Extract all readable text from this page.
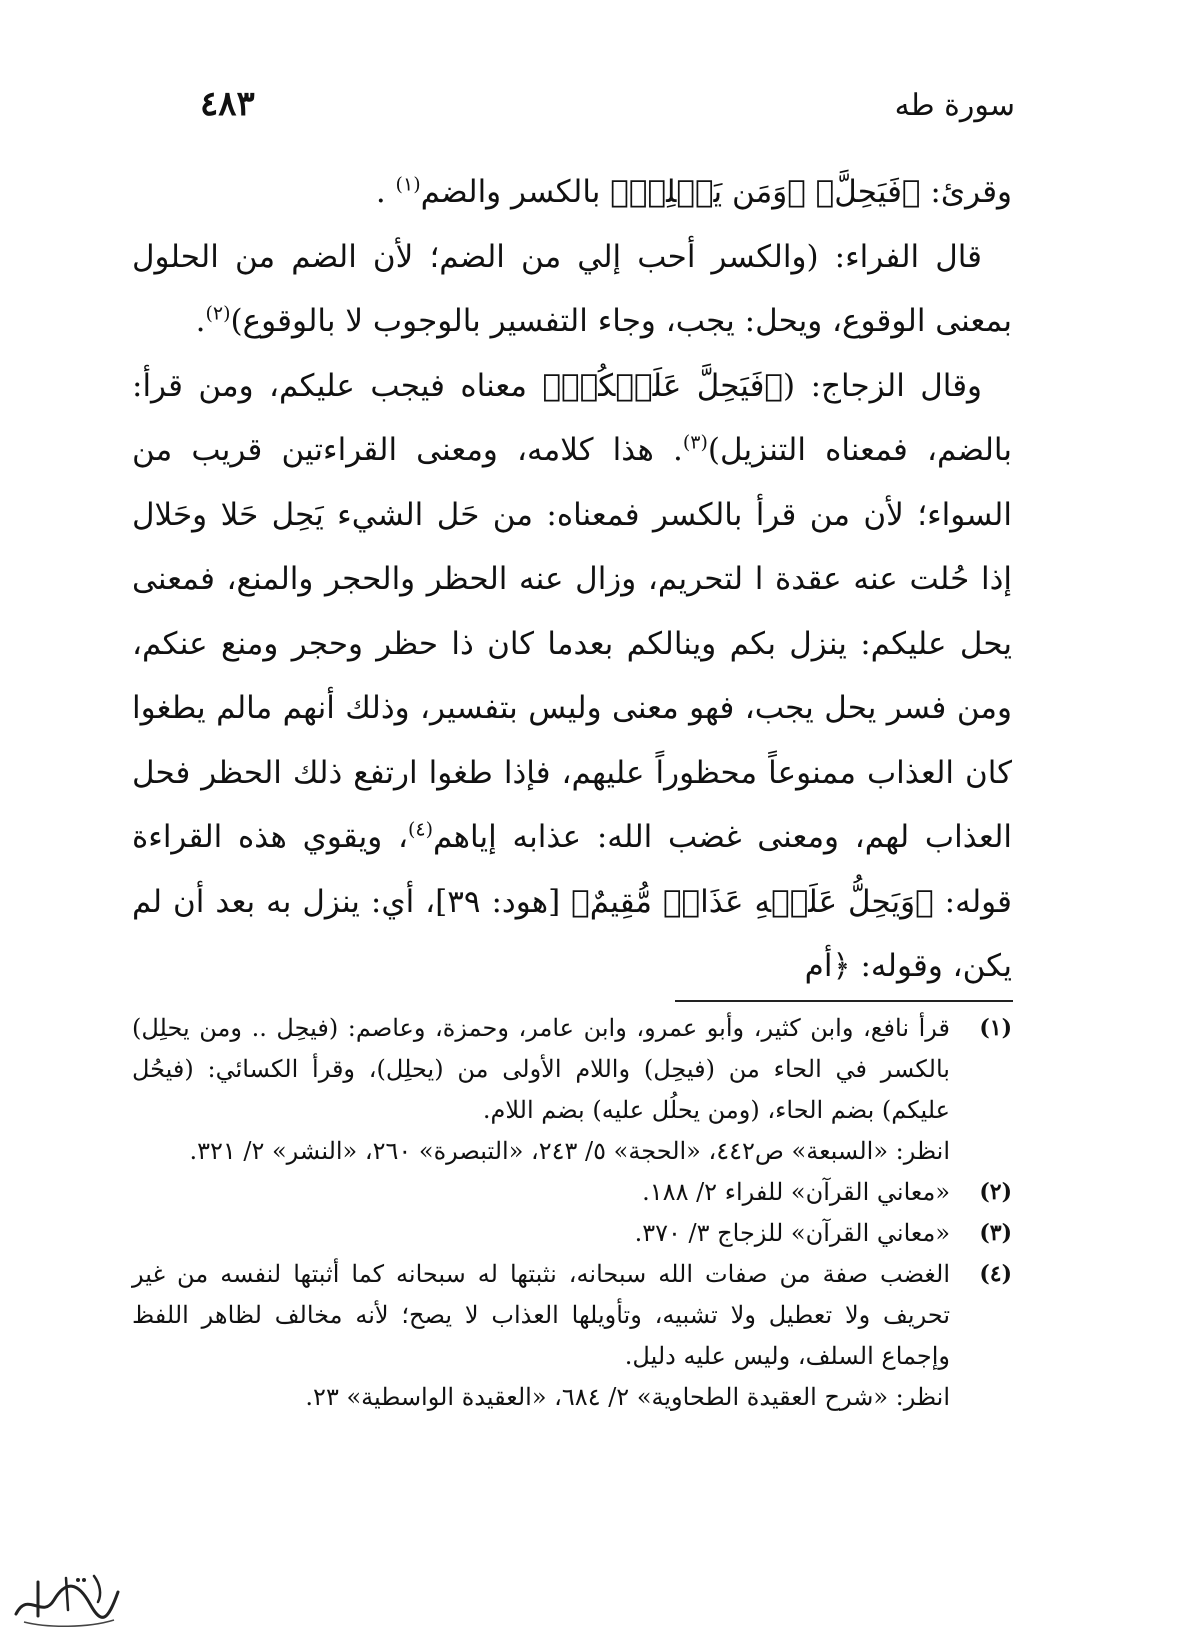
سورة طه
٤٨٣

وقرئ: ﴿فَيَحِلَّ﴾ ﴿وَمَن يَحۡلِلۡ﴾ بالكسر والضم$^{(١)}$ .

قال الفراء: (والكسر أحب إلي من الضم؛ لأن الضم من الحلول بمعنى الوقوع، ويحل: يجب، وجاء التفسير بالوجوب لا بالوقوع)$^{(٢)}$.

وقال الزجاج: (﴿فَيَحِلَّ عَلَيۡكُمۡ﴾ معناه فيجب عليكم، ومن قرأ: بالضم، فمعناه التنزيل)$^{(٣)}$. هذا كلامه، ومعنى القراءتين قريب من السواء؛ لأن من قرأ بالكسر فمعناه: من حَل الشيء يَحِل حَلا وحَلال إذا حُلت عنه عقدة ا لتحريم، وزال عنه الحظر والحجر والمنع، فمعنى يحل عليكم: ينزل بكم وينالكم بعدما كان ذا حظر وحجر ومنع عنكم، ومن فسر يحل يجب، فهو معنى وليس بتفسير، وذلك أنهم مالم يطغوا كان العذاب ممنوعاً محظوراً عليهم، فإذا طغوا ارتفع ذلك الحظر فحل العذاب لهم، ومعنى غضب الله: عذابه إياهم$^{(٤)}$، ويقوي هذه القراءة قوله: ﴿وَيَحِلُّ عَلَيۡهِ عَذَابٞ مُّقِيمٌ﴾ [هود: ٣٩]، أي: ينزل به بعد أن لم يكن، وقوله: ﴿أم

(١)
قرأ نافع، وابن كثير، وأبو عمرو، وابن عامر، وحمزة، وعاصم: (فيحِل .. ومن يحلِل) بالكسر في الحاء من (فيحِل) واللام الأولى من (يحلِل)، وقرأ الكسائي: (فيحُل عليكم) بضم الحاء، (ومن يحلُل عليه) بضم اللام.
انظر: «السبعة» ص٤٤٢، «الحجة» ٥/ ٢٤٣، «التبصرة» ٢٦٠، «النشر» ٢/ ٣٢١.
(٢)
«معاني القرآن» للفراء ٢/ ١٨٨.
(٣)
«معاني القرآن» للزجاج ٣/ ٣٧٠.
(٤)
الغضب صفة من صفات الله سبحانه، نثبتها له سبحانه كما أثبتها لنفسه من غير تحريف ولا تعطيل ولا تشبيه، وتأويلها العذاب لا يصح؛ لأنه مخالف لظاهر اللفظ وإجماع السلف، وليس عليه دليل.
انظر: «شرح العقيدة الطحاوية» ٢/ ٦٨٤، «العقيدة الواسطية» ٢٣.
